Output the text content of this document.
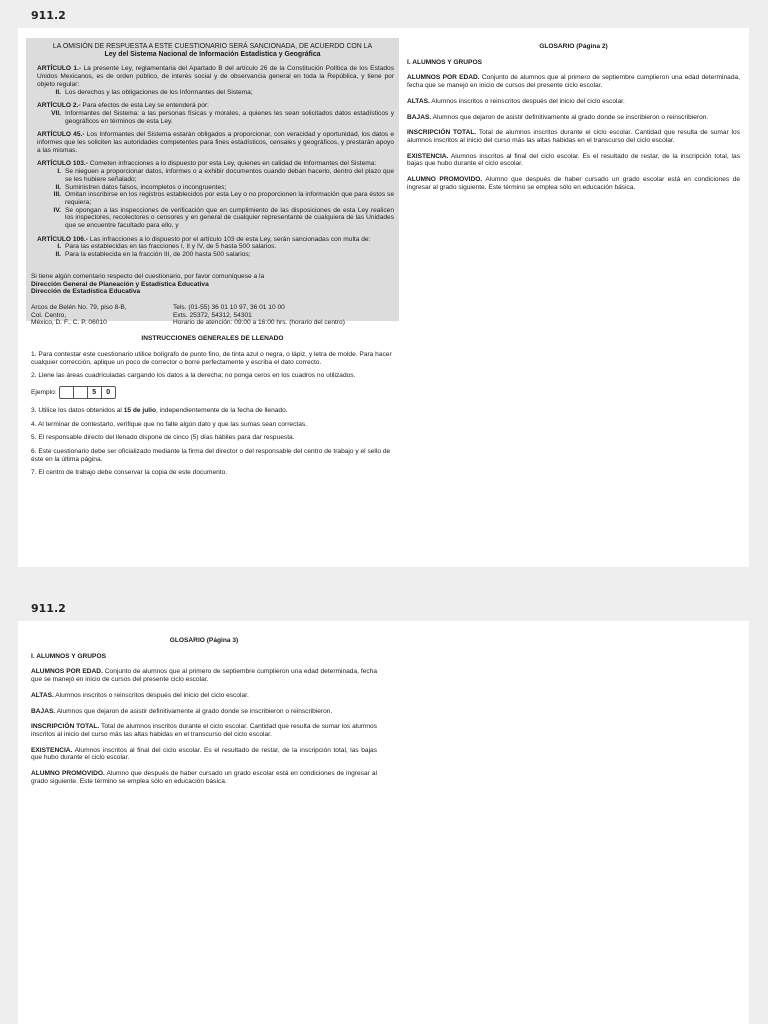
911.2

LA OMISIÓN DE RESPUESTA A ESTE CUESTIONARIO SERÁ SANCIONADA, DE ACUERDO CON LA
Ley del Sistema Nacional de Información Estadística y Geográfica

ARTÍCULO 1.- La presente Ley, reglamentaria del Apartado B del artículo 26 de la Constitución Política de los Estados Unidos Mexicanos, es de orden público, de interés social y de observancia general en toda la República, y tiene por objeto regular:

II. Los derechos y las obligaciones de los Informantes del Sistema;

ARTÍCULO 2.- Para efectos de esta Ley se entenderá por:

VII. Informantes del Sistema: a las personas físicas y morales, a quienes les sean solicitados datos estadísticos y geográficos en términos de esta Ley.

ARTÍCULO 45.- Los Informantes del Sistema estarán obligados a proporcionar, con veracidad y oportunidad, los datos e informes que les soliciten las autoridades competentes para fines estadísticos, censales y geográficos, y prestarán apoyo a las mismas.

ARTÍCULO 103.- Cometen infracciones a lo dispuesto por esta Ley, quienes en calidad de Informantes del Sistema:

I. Se nieguen a proporcionar datos, informes o a exhibir documentos cuando deban hacerlo, dentro del plazo que se les hubiere señalado;
II. Suministren datos falsos, incompletos o incongruentes;
III. Omitan inscribirse en los registros establecidos por esta Ley o no proporcionen la información que para éstos se requiera;
IV. Se opongan a las inspecciones de verificación que en cumplimiento de las disposiciones de esta Ley realicen los inspectores, recolectores o censores y en general de cualquier representante de cualquiera de las Unidades que se encuentre facultado para ello, y

ARTÍCULO 106.- Las infracciones a lo dispuesto por el artículo 103 de esta Ley, serán sancionadas con multa de:

I. Para las establecidas en las fracciones I, II y IV, de 5 hasta 500 salarios.
II. Para la establecida en la fracción III, de 200 hasta 500 salarios;

Si tiene algún comentario respecto del cuestionario, por favor comuníquese a la

Dirección General de Planeación y Estadística Educativa

Dirección de Estadística Educativa

Arcos de Belén No. 79, piso 8-B,	Tels. (01-55) 36 01 10 97, 36 01 10 00
Col. Centro,	Exts. 25372, 54312, 54301
México, D. F., C. P. 06010	Horario de atención: 09:00 a 16:00 hrs. (horario del centro)

INSTRUCCIONES GENERALES DE LLENADO

1. Para contestar este cuestionario utilice bolígrafo de punto fino, de tinta azul o negra, o lápiz, y letra de molde. Para hacer cualquier corrección, aplique un poco de corrector o borre perfectamente y escriba el dato correcto.

2. Llene las áreas cuadriculadas cargando los datos a la derecha; no ponga ceros en los cuadros no utilizados.

Ejemplo:	5	0

3. Utilice los datos obtenidos al 15 de julio, independientemente de la fecha de llenado.

4. Al terminar de contestarlo, verifique que no falte algún dato y que las sumas sean correctas.

5. El responsable directo del llenado dispone de cinco (5) días hábiles para dar respuesta.

6. Este cuestionario debe ser oficializado mediante la firma del director o del responsable del centro de trabajo y el sello de éste en la última página.

7. El centro de trabajo debe conservar la copia de este documento.

GLOSARIO (Página 2)

I. ALUMNOS Y GRUPOS

ALUMNOS POR EDAD. Conjunto de alumnos que al primero de septiembre cumplieron una edad determinada, fecha que se manejó en inicio de cursos del presente ciclo escolar.

ALTAS. Alumnos inscritos o reinscritos después del inicio del ciclo escolar.

BAJAS. Alumnos que dejaron de asistir definitivamente al grado donde se inscribieron o reinscribieron.

INSCRIPCIÓN TOTAL. Total de alumnos inscritos durante el ciclo escolar. Cantidad que resulta de sumar los alumnos inscritos al inicio del curso más las altas habidas en el transcurso del ciclo escolar.

EXISTENCIA. Alumnos inscritos al final del ciclo escolar. Es el resultado de restar, de la inscripción total, las bajas que hubo durante el ciclo escolar.

ALUMNO PROMOVIDO. Alumno que después de haber cursado un grado escolar está en condiciones de ingresar al grado siguiente. Este término se emplea sólo en educación básica.

911.2

GLOSARIO (Página 3)

I. ALUMNOS Y GRUPOS

ALUMNOS POR EDAD. Conjunto de alumnos que al primero de septiembre cumplieron una edad determinada, fecha que se manejó en inicio de cursos del presente ciclo escolar.

ALTAS. Alumnos inscritos o reinscritos después del inicio del ciclo escolar.

BAJAS. Alumnos que dejaron de asistir definitivamente al grado donde se inscribieron o reinscribieron.

INSCRIPCIÓN TOTAL. Total de alumnos inscritos durante el ciclo escolar. Cantidad que resulta de sumar los alumnos inscritos al inicio del curso más las altas habidas en el transcurso del ciclo escolar.

EXISTENCIA. Alumnos inscritos al final del ciclo escolar. Es el resultado de restar, de la inscripción total, las bajas que hubo durante el ciclo escolar.

ALUMNO PROMOVIDO. Alumno que después de haber cursado un grado escolar está en condiciones de ingresar al grado siguiente. Este término se emplea sólo en educación básica.
